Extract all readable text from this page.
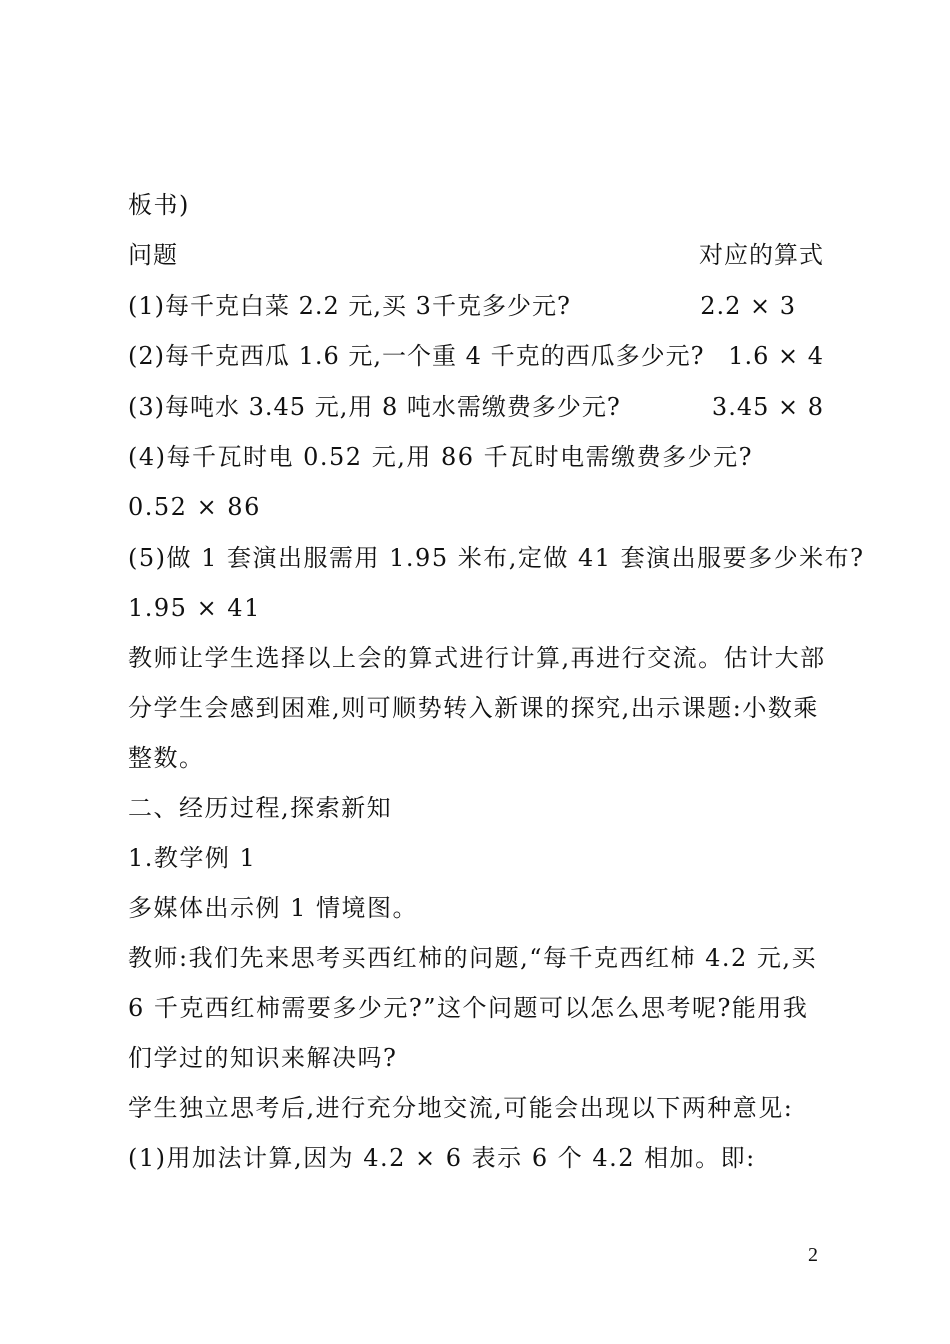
板书)
问题	对应的算式
(1)每千克白菜 2.2 元,买 3千克多少元?	2.2 × 3
(2)每千克西瓜 1.6 元,一个重 4 千克的西瓜多少元? 1.6 × 4
(3)每吨水 3.45 元,用 8 吨水需缴费多少元?	3.45 × 8
(4)每千瓦时电 0.52 元,用 86 千瓦时电需缴费多少元?
0.52 × 86
(5)做 1 套演出服需用 1.95 米布,定做 41 套演出服要多少米布?
1.95 × 41
教师让学生选择以上会的算式进行计算,再进行交流。估计大部
分学生会感到困难,则可顺势转入新课的探究,出示课题:小数乘
整数。
二、经历过程,探索新知
1.教学例 1
多媒体出示例 1 情境图。
教师:我们先来思考买西红柿的问题,“每千克西红柿 4.2 元,买
6 千克西红柿需要多少元?”这个问题可以怎么思考呢?能用我
们学过的知识来解决吗?
学生独立思考后,进行充分地交流,可能会出现以下两种意见:
(1)用加法计算,因为 4.2 × 6 表示 6 个 4.2 相加。即:
2
